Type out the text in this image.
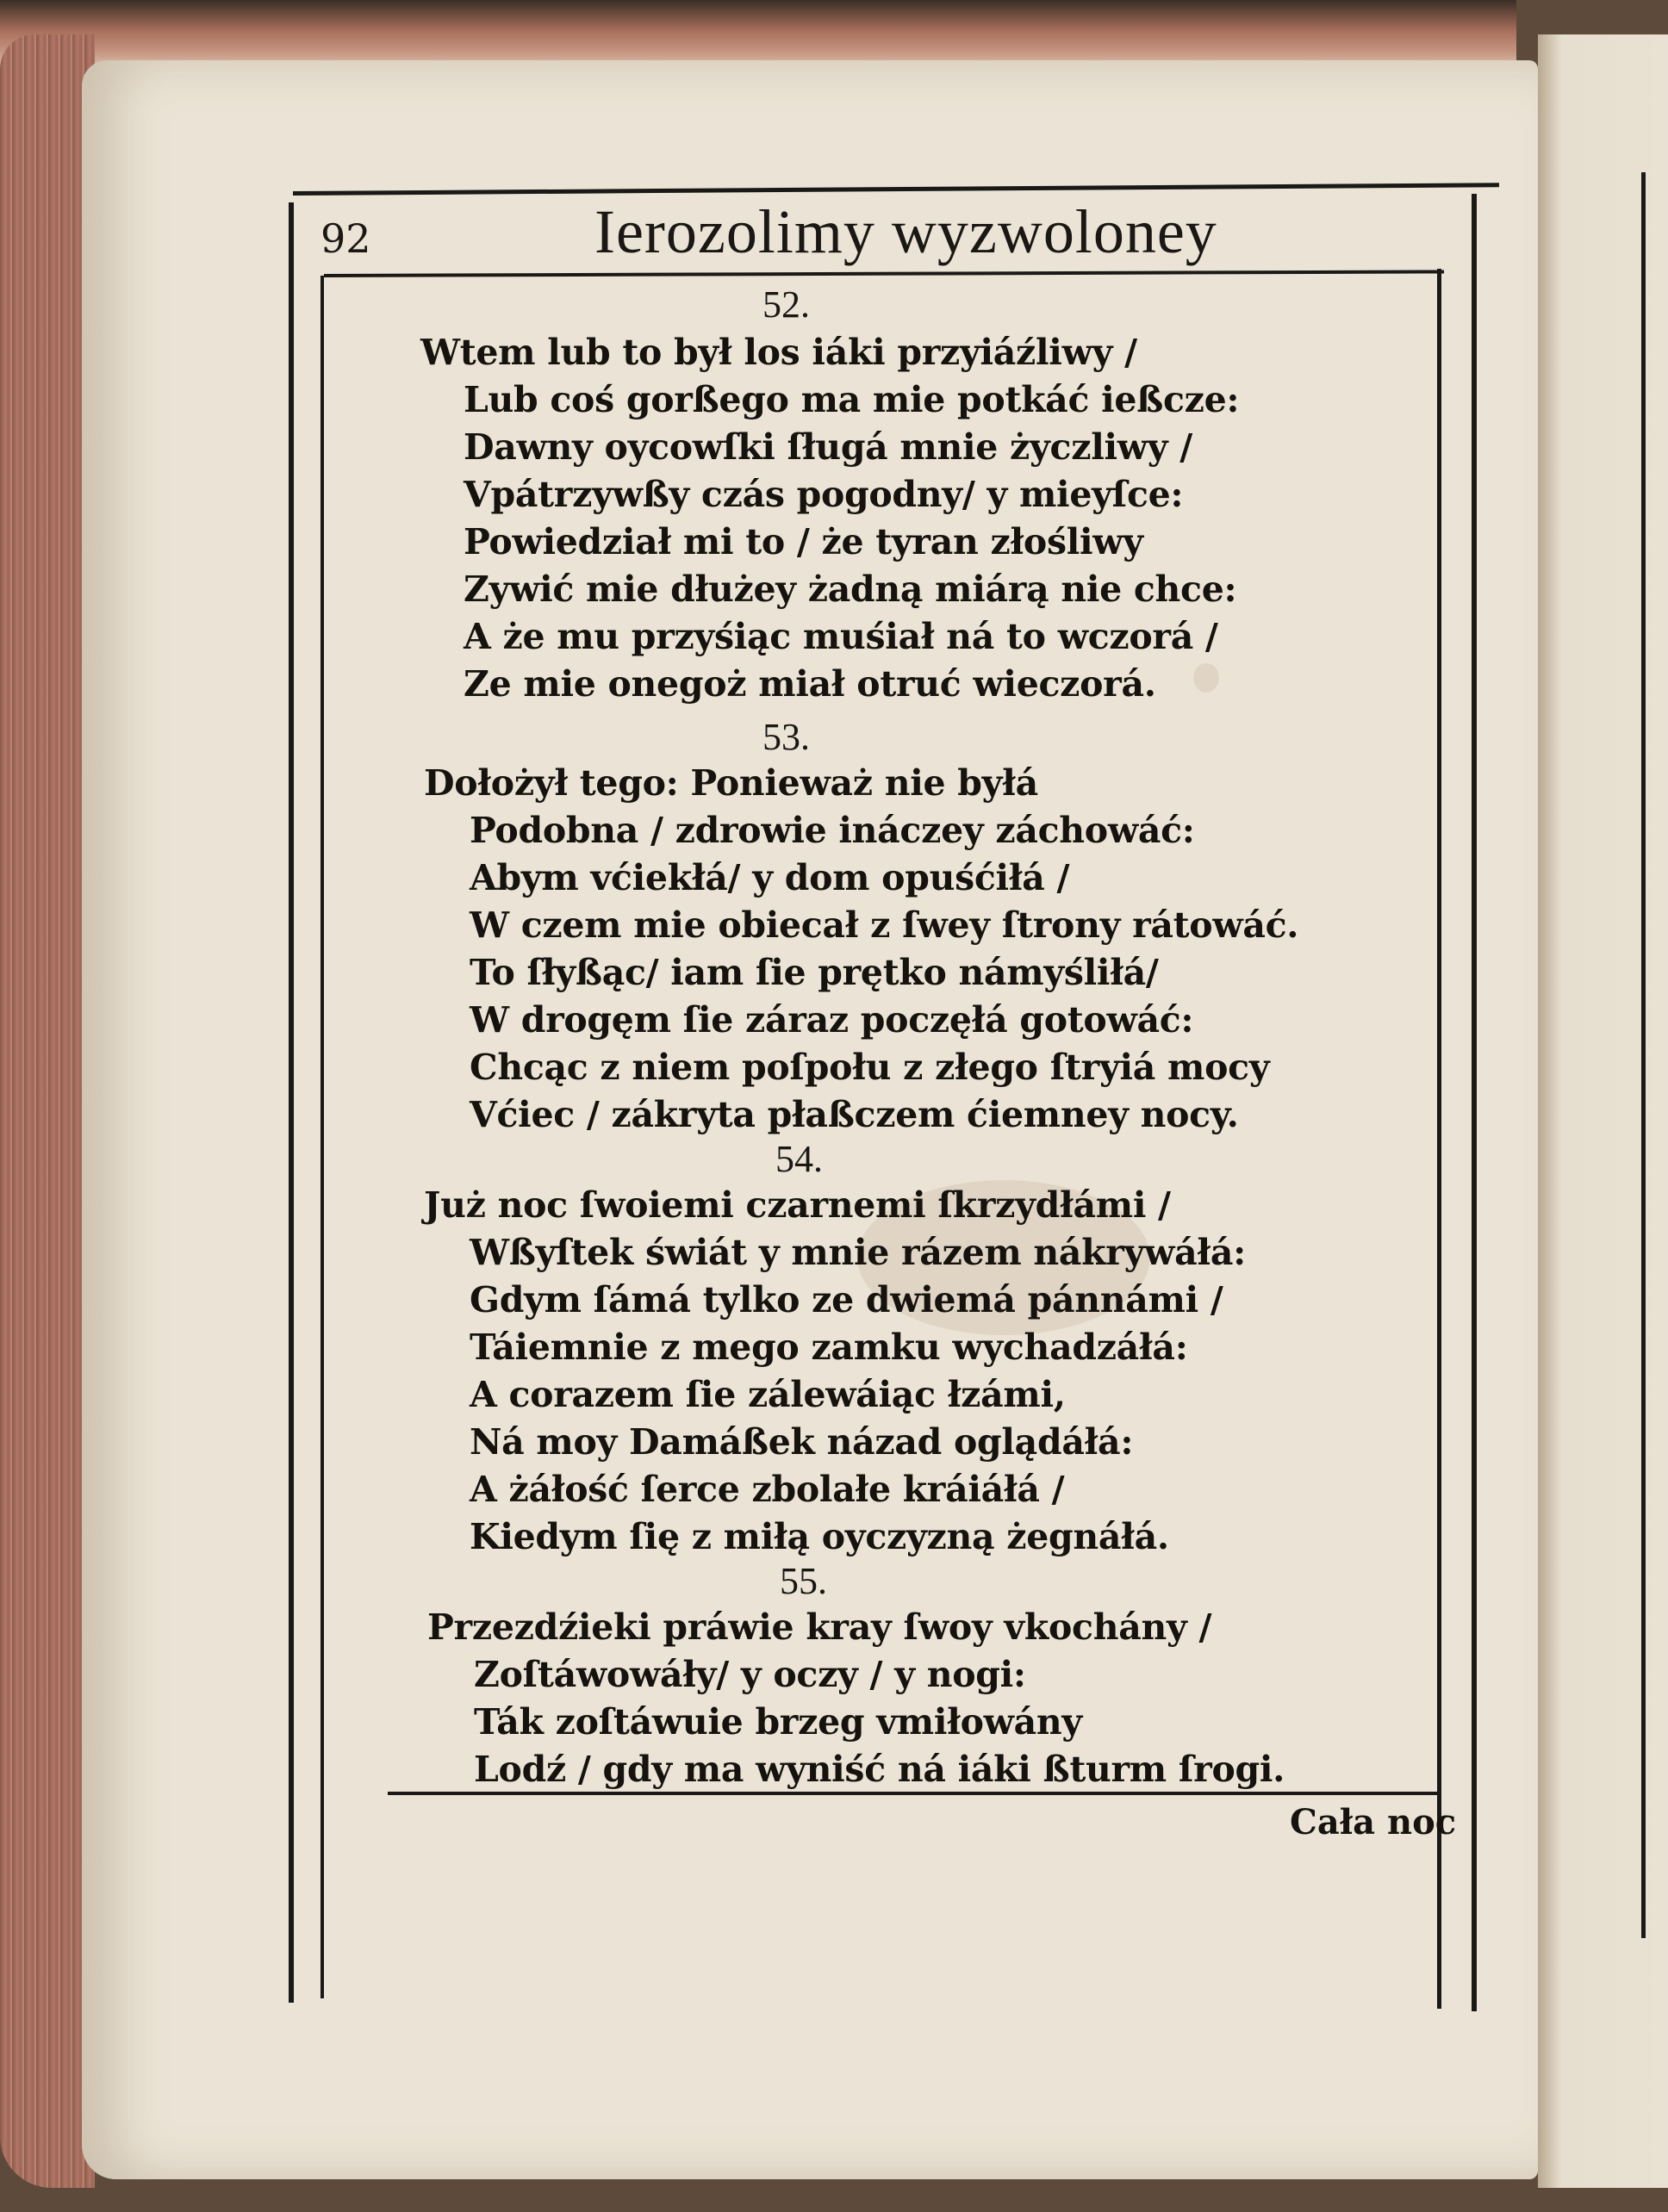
92	Ierozolimy wyzwoloney
52.
Wtem lub to był los iáki przyiáźliwy /
Lub coś gorßego ma mie potkáć ießcze:
Dawny oycowſki ſługá mnie życzliwy /
Vpátrzywßy czás pogodny/ y mieyſce:
Powiedział mi to / że tyran złośliwy
Zywić mie dłużey żadną miárą nie chce:
A że mu przyśiąc muśiał ná to wczorá /
Ze mie onegoż miał otruć wieczorá.
53.
Dołożył tego: Ponieważ nie byłá
Podobna / zdrowie ináczey záchowáć:
Abym vćiekłá/ y dom opuśćiłá /
W czem mie obiecał z ſwey ſtrony rátowáć.
To ſłyßąc/ iam ſie prętko námyśliłá/
W drogęm ſie záraz poczęłá gotowáć:
Chcąc z niem poſpołu z złego ſtryiá mocy
Vćiec / zákryta płaßczem ćiemney nocy.
54.
Już noc ſwoiemi czarnemi ſkrzydłámi /
Wßyſtek świát y mnie rázem nákrywáłá:
Gdym ſámá tylko ze dwiemá pánnámi /
Táiemnie z mego zamku wychadzáłá:
A corazem ſie zálewáiąc łzámi,
Ná moy Damáßek názad oglądáłá:
A żáłość ſerce zbolałe kráiáłá /
Kiedym ſię z miłą oyczyzną żegnáłá.
55.
Przezdźieki práwie kray ſwoy vkochány /
Zoſtáwowáły/ y oczy / y nogi:
Ták zoſtáwuie brzeg vmiłowány
Lodź / gdy ma wyniść ná iáki ßturm ſrogi.
Cała noc
